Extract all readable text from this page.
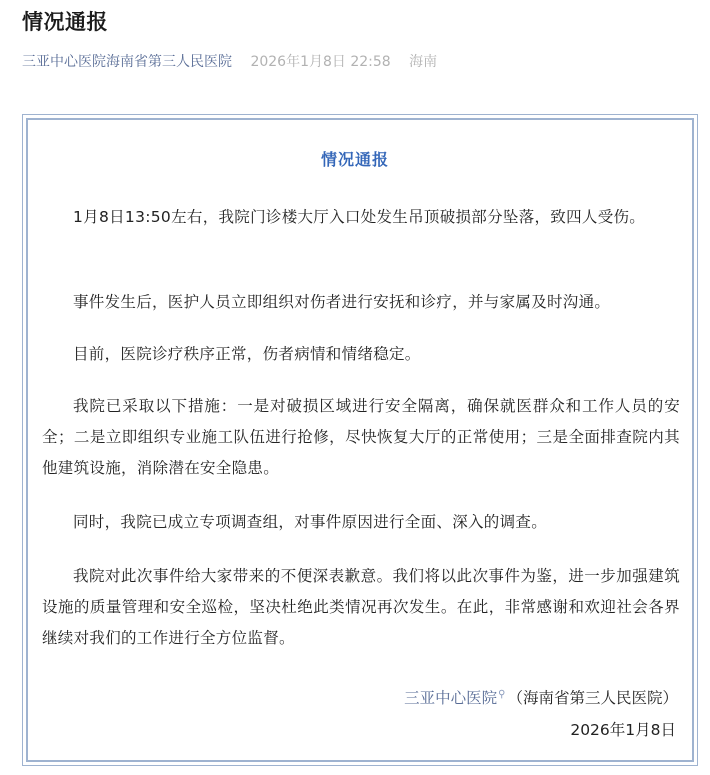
情况通报
三亚中心医院海南省第三人民医院 2026年1月8日 22:58 海南
情况通报

1月8日13:50左右，我院门诊楼大厅入口处发生吊顶破损部分坠落，致四人受伤。

事件发生后，医护人员立即组织对伤者进行安抚和诊疗，并与家属及时沟通。

目前，医院诊疗秩序正常，伤者病情和情绪稳定。

我院已采取以下措施：一是对破损区域进行安全隔离，确保就医群众和工作人员的安全；二是立即组织专业施工队伍进行抢修，尽快恢复大厅的正常使用；三是全面排查院内其他建筑设施，消除潜在安全隐患。

同时，我院已成立专项调查组，对事件原因进行全面、深入的调查。

我院对此次事件给大家带来的不便深表歉意。我们将以此次事件为鉴，进一步加强建筑设施的质量管理和安全巡检，坚决杜绝此类情况再次发生。在此，非常感谢和欢迎社会各界继续对我们的工作进行全方位监督。

三亚中心医院⚲ （海南省第三人民医院）
2026年1月8日
